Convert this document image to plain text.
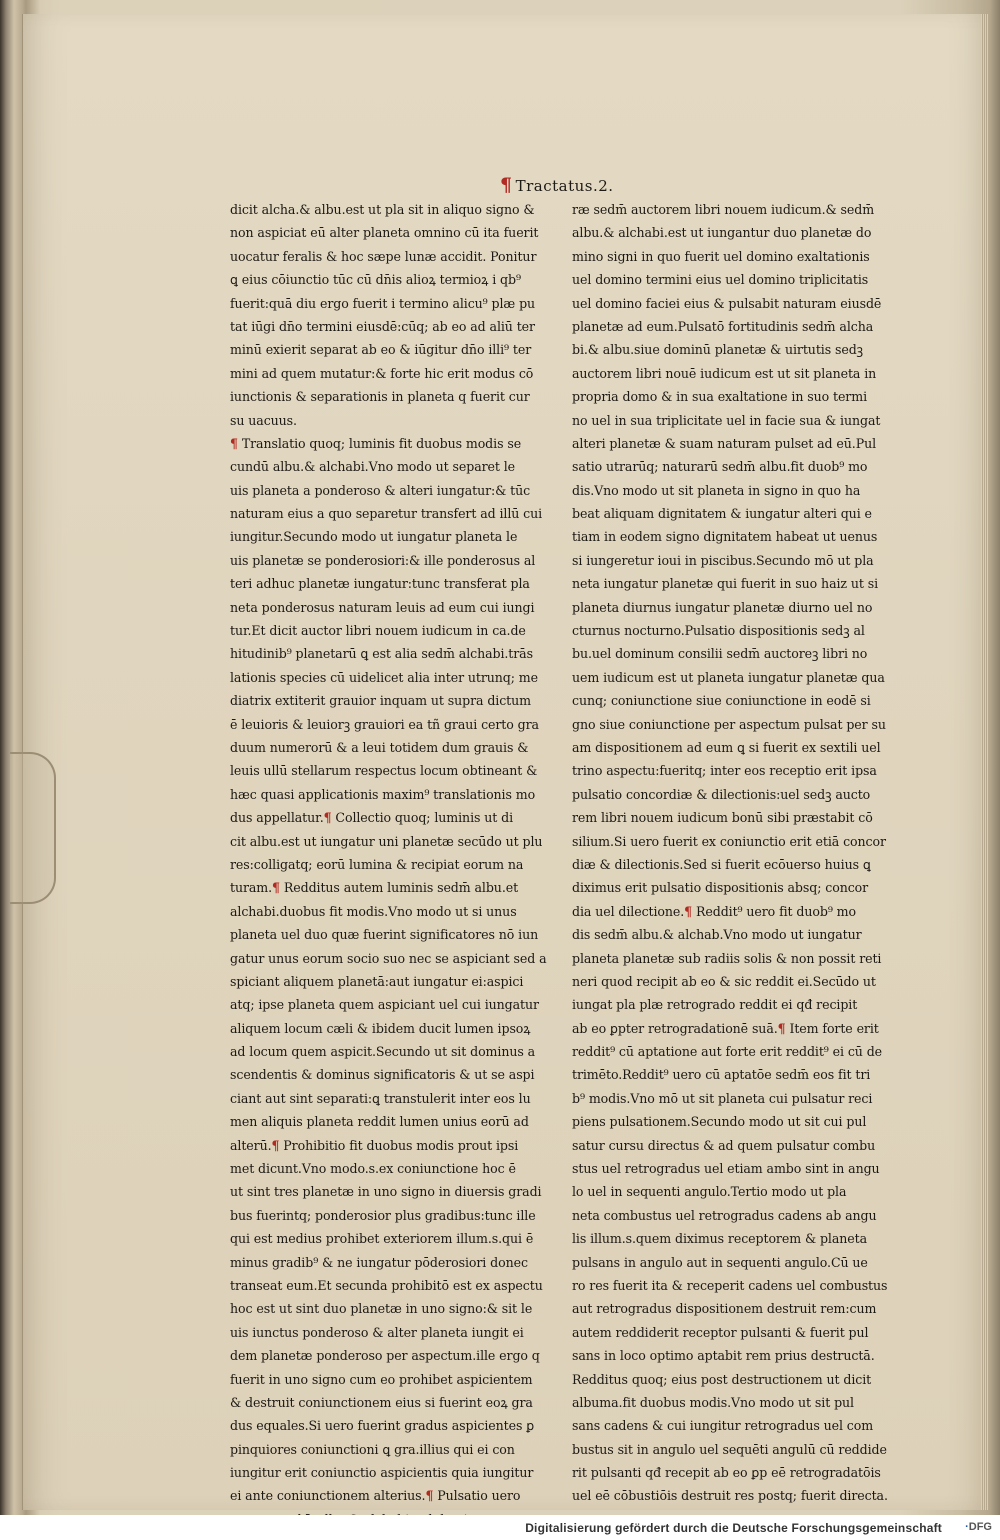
¶ Tractatus.2.
dicit alcha.& albu.est ut pla sit in aliquo signo &
non aspiciat eū alter planeta omnino cū ita fuerit
uocatur feralis & hoc sæpe lunæ accidit. Ponitur
ꝗ eius cōiunctio tūc cū dn̄is alioꝝ termioꝝ i qb⁹
fuerit:quā diu ergo fuerit i termino alicu⁹ plæ pu
tat iūgi dn̄o termini eiusdē:cūq; ab eo ad aliū ter
minū exierit separat ab eo & iūgitur dn̄o illi⁹ ter
mini ad quem mutatur:& forte hic erit modus cō
iunctionis & separationis in planeta q fuerit cur
su uacuus.
¶ Translatio quoq; luminis fit duobus modis se
cundū albu.& alchabi.Vno modo ut separet le
uis planeta a ponderoso & alteri iungatur:& tūc
naturam eius a quo separetur transfert ad illū cui
iungitur.Secundo modo ut iungatur planeta le
uis planetæ se ponderosiori:& ille ponderosus al
teri adhuc planetæ iungatur:tunc transferat pla
neta ponderosus naturam leuis ad eum cui iungi
tur.Et dicit auctor libri nouem iudicum in ca.de
hitudinib⁹ planetarū ꝗ est alia sedm̄ alchabi.trās
lationis species cū uidelicet alia inter utrunq; me
diatrix extiterit grauior inquam ut supra dictum
ē leuioris & leuiorꝫ grauiori ea tñ graui certo gra
duum numerorū & a leui totidem dum grauis &
leuis ullū stellarum respectus locum obtineant &
hæc quasi applicationis maxim⁹ translationis mo
dus appellatur.¶ Collectio quoq; luminis ut di
cit albu.est ut iungatur uni planetæ secūdo ut plu
res:colligatq; eorū lumina & recipiat eorum na
turam.¶ Redditus autem luminis sedm̄ albu.et
alchabi.duobus fit modis.Vno modo ut si unus
planeta uel duo quæ fuerint significatores nō iun
gatur unus eorum socio suo nec se aspiciant sed a
spiciant aliquem planetā:aut iungatur ei:aspici
atq; ipse planeta quem aspiciant uel cui iungatur
aliquem locum cæli & ibidem ducit lumen ipsoꝝ
ad locum quem aspicit.Secundo ut sit dominus a
scendentis & dominus significatoris & ut se aspi
ciant aut sint separati:ꝗ transtulerit inter eos lu
men aliquis planeta reddit lumen unius eorū ad
alterū.¶ Prohibitio fit duobus modis prout ipsi
met dicunt.Vno modo.s.ex coniunctione hoc ē
ut sint tres planetæ in uno signo in diuersis gradi
bus fuerintq; ponderosior plus gradibus:tunc ille
qui est medius prohibet exteriorem illum.s.qui ē
minus gradib⁹ & ne iungatur pōderosiori donec
transeat eum.Et secunda prohibitō est ex aspectu
hoc est ut sint duo planetæ in uno signo:& sit le
uis iunctus ponderoso & alter planeta iungit ei
dem planetæ ponderoso per aspectum.ille ergo q
fuerit in uno signo cum eo prohibet aspicientem
& destruit coniunctionem eius si fuerint eoꝝ gra
dus equales.Si uero fuerint gradus aspicientes ꝑ
pinquiores coniunctioni ꝗ gra.illius qui ei con
iungitur erit coniunctio aspicientis quia iungitur
ei ante coniunctionem alterius.¶ Pulsatio uero
ræ sedm̄ auctorem libri nouem iudicum.& sedm̄
albu.& alchabi.est ut iungantur duo planetæ do
mino signi in quo fuerit uel domino exaltationis
uel domino termini eius uel domino triplicitatis
uel domino faciei eius & pulsabit naturam eiusdē
planetæ ad eum.Pulsatō fortitudinis sedm̄ alcha
bi.& albu.siue dominū planetæ & uirtutis sedꝫ
auctorem libri nouē iudicum est ut sit planeta in
propria domo & in sua exaltatione in suo termi
no uel in sua triplicitate uel in facie sua & iungat
alteri planetæ & suam naturam pulset ad eū.Pul
satio utrarūq; naturarū sedm̄ albu.fit duob⁹ mo
dis.Vno modo ut sit planeta in signo in quo ha
beat aliquam dignitatem & iungatur alteri qui e
tiam in eodem signo dignitatem habeat ut uenus
si iungeretur ioui in piscibus.Secundo mō ut pla
neta iungatur planetæ qui fuerit in suo haiz ut si
planeta diurnus iungatur planetæ diurno uel no
cturnus nocturno.Pulsatio dispositionis sedꝫ al
bu.uel dominum consilii sedm̄ auctoreꝫ libri no
uem iudicum est ut planeta iungatur planetæ qua
cunq; coniunctione siue coniunctione in eodē si
gno siue coniunctione per aspectum pulsat per su
am dispositionem ad eum ꝗ si fuerit ex sextili uel
trino aspectu:fueritq; inter eos receptio erit ipsa
pulsatio concordiæ & dilectionis:uel sedꝫ aucto
rem libri nouem iudicum bonū sibi præstabit cō
silium.Si uero fuerit ex coniunctio erit etiā concor
diæ & dilectionis.Sed si fuerit ecōuerso huius ꝗ
diximus erit pulsatio dispositionis absq; concor
dia uel dilectione.¶ Reddit⁹ uero fit duob⁹ mo
dis sedm̄ albu.& alchab.Vno modo ut iungatur
planeta planetæ sub radiis solis & non possit reti
neri quod recipit ab eo & sic reddit ei.Secūdo ut
iungat pla plæ retrogrado reddit ei qđ recipit
ab eo ꝑpter retrogradationē suā.¶ Item forte erit
reddit⁹ cū aptatione aut forte erit reddit⁹ ei cū de
trimēto.Reddit⁹ uero cū aptatōe sedm̄ eos fit tri
b⁹ modis.Vno mō ut sit planeta cui pulsatur reci
piens pulsationem.Secundo modo ut sit cui pul
satur cursu directus & ad quem pulsatur combu
stus uel retrogradus uel etiam ambo sint in angu
lo uel in sequenti angulo.Tertio modo ut pla
neta combustus uel retrogradus cadens ab angu
lis illum.s.quem diximus receptorem & planeta
pulsans in angulo aut in sequenti angulo.Cū ue
ro res fuerit ita & receperit cadens uel combustus
aut retrogradus dispositionem destruit rem:cum
autem reddiderit receptor pulsanti & fuerit pul
sans in loco optimo aptabit rem prius destructā.
Redditus quoq; eius post destructionem ut dicit
albuma.fit duobus modis.Vno modo ut sit pul
sans cadens & cui iungitur retrogradus uel com
bustus sit in angulo uel sequēti angulū cū reddide
rit pulsanti qđ recepit ab eo ꝑp eē retrogradatōis
uel eē cōbustiōis destruit res postq; fuerit directa.
Digitalisierung gefördert durch die Deutsche Forschungsgemeinschaft ·DFG
